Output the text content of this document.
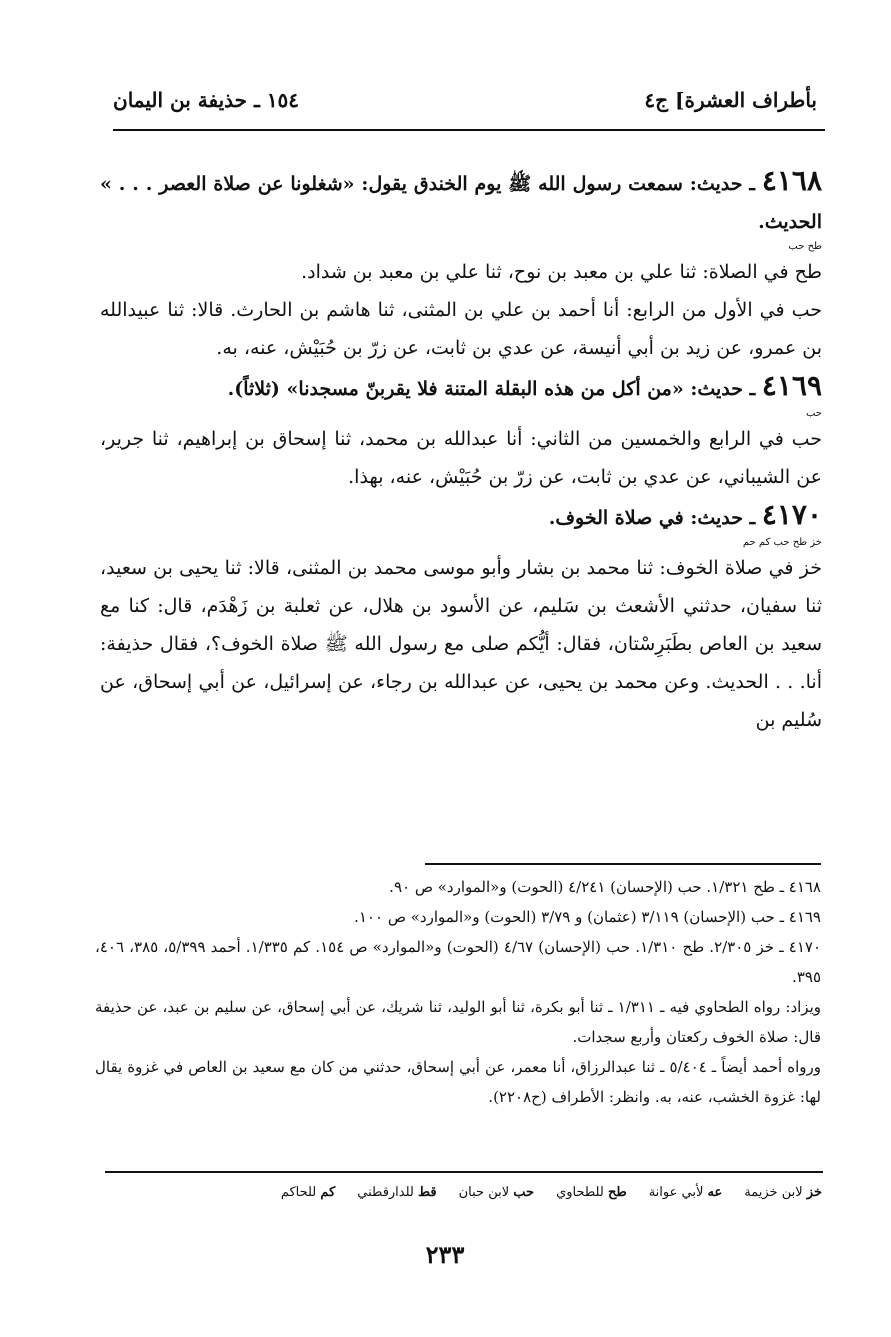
بأطراف العشرة] ج٤
١٥٤ ـ حذيفة بن اليمان

٤١٦٨ ـ حديث: سمعت رسول الله ﷺ يوم الخندق يقول: «شغلونا عن صلاة العصر . . . » الحديث.

طح حب

طح في الصلاة: ثنا علي بن معبد بن نوح، ثنا علي بن معبد بن شداد.

حب في الأول من الرابع: أنا أحمد بن علي بن المثنى، ثنا هاشم بن الحارث. قالا: ثنا عبيدالله بن عمرو، عن زيد بن أبي أنيسة، عن عدي بن ثابت، عن زرّ بن حُبَيْش، عنه، به.

٤١٦٩ ـ حديث: «من أكل من هذه البقلة المتنة فلا يقربنّ مسجدنا» (ثلاثاً).

حب

حب في الرابع والخمسين من الثاني: أنا عبدالله بن محمد، ثنا إسحاق بن إبراهيم، ثنا جرير، عن الشيباني، عن عدي بن ثابت، عن زرّ بن حُبَيْش، عنه، بهذا.

٤١٧٠ ـ حديث: في صلاة الخوف.

خز طح حب كم حم

خز في صلاة الخوف: ثنا محمد بن بشار وأبو موسى محمد بن المثنى، قالا: ثنا يحيى بن سعيد، ثنا سفيان، حدثني الأشعث بن سَليم، عن الأسود بن هلال، عن ثعلبة بن زَهْدَم، قال: كنا مع سعيد بن العاص بطَبَرِسْتان، فقال: أيُّكم صلى مع رسول الله ﷺ صلاة الخوف؟، فقال حذيفة: أنا. . . الحديث. وعن محمد بن يحيى، عن عبدالله بن رجاء، عن إسرائيل، عن أبي إسحاق، عن سُليم بن

٤١٦٨ ـ طح ١/٣٢١. حب (الإحسان) ٤/٢٤١ (الحوت) و«الموارد» ص ٩٠.

٤١٦٩ ـ حب (الإحسان) ٣/١١٩ (عثمان) و ٣/٧٩ (الحوت) و«الموارد» ص ١٠٠.

٤١٧٠ ـ خز ٢/٣٠٥. طح ١/٣١٠. حب (الإحسان) ٤/٦٧ (الحوت) و«الموارد» ص ١٥٤. كم ١/٣٣٥. أحمد ٥/٣٩٩، ٣٨٥، ٤٠٦، ٣٩٥.

ويزاد: رواه الطحاوي فيه ـ ١/٣١١ ـ ثنا أبو بكرة، ثنا أبو الوليد، ثنا شريك، عن أبي إسحاق، عن سليم بن عبد، عن حذيفة قال: صلاة الخوف ركعتان وأربع سجدات.

ورواه أحمد أيضاً ـ ٥/٤٠٤ ـ ثنا عبدالرزاق، أنا معمر، عن أبي إسحاق، حدثني من كان مع سعيد بن العاص في غزوة يقال لها: غزوة الخشب، عنه، به. وانظر: الأطراف (ح٢٢٠٨).

خز لابن خزيمة
عه لأبي عوانة
طح للطحاوي
حب لابن حبان
قط للدارقطني
كم للحاكم
٢٣٣
